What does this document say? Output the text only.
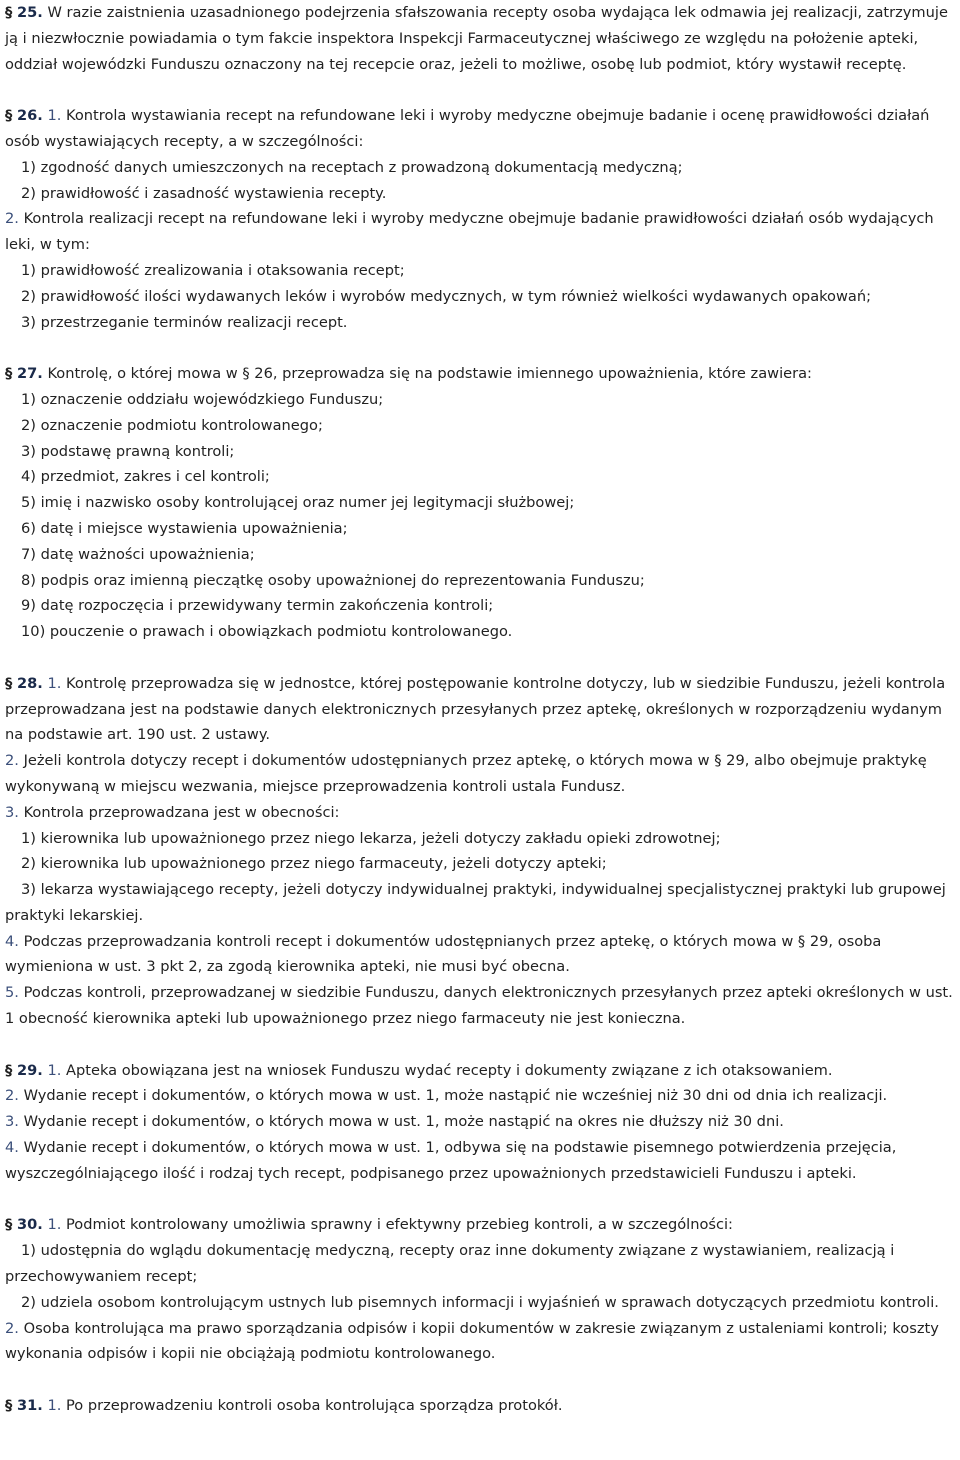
§ 25. W razie zaistnienia uzasadnionego podejrzenia sfałszowania recepty osoba wydająca lek odmawia jej realizacji, zatrzymuje ją i niezwłocznie powiadamia o tym fakcie inspektora Inspekcji Farmaceutycznej właściwego ze względu na położenie apteki, oddział wojewódzki Funduszu oznaczony na tej recepcie oraz, jeżeli to możliwe, osobę lub podmiot, który wystawił receptę.
§ 26. 1. Kontrola wystawiania recept na refundowane leki i wyroby medyczne obejmuje badanie i ocenę prawidłowości działań osób wystawiających recepty, a w szczególności:
1) zgodność danych umieszczonych na receptach z prowadzoną dokumentacją medyczną;
2) prawidłowość i zasadność wystawienia recepty.
2. Kontrola realizacji recept na refundowane leki i wyroby medyczne obejmuje badanie prawidłowości działań osób wydających leki, w tym:
1) prawidłowość zrealizowania i otaksowania recept;
2) prawidłowość ilości wydawanych leków i wyrobów medycznych, w tym również wielkości wydawanych opakowań;
3) przestrzeganie terminów realizacji recept.
§ 27. Kontrolę, o której mowa w § 26, przeprowadza się na podstawie imiennego upoważnienia, które zawiera:
1) oznaczenie oddziału wojewódzkiego Funduszu;
2) oznaczenie podmiotu kontrolowanego;
3) podstawę prawną kontroli;
4) przedmiot, zakres i cel kontroli;
5) imię i nazwisko osoby kontrolującej oraz numer jej legitymacji służbowej;
6) datę i miejsce wystawienia upoważnienia;
7) datę ważności upoważnienia;
8) podpis oraz imienną pieczątkę osoby upoważnionej do reprezentowania Funduszu;
9) datę rozpoczęcia i przewidywany termin zakończenia kontroli;
10) pouczenie o prawach i obowiązkach podmiotu kontrolowanego.
§ 28. 1. Kontrolę przeprowadza się w jednostce, której postępowanie kontrolne dotyczy, lub w siedzibie Funduszu, jeżeli kontrola przeprowadzana jest na podstawie danych elektronicznych przesyłanych przez aptekę, określonych w rozporządzeniu wydanym na podstawie art. 190 ust. 2 ustawy.
2. Jeżeli kontrola dotyczy recept i dokumentów udostępnianych przez aptekę, o których mowa w § 29, albo obejmuje praktykę wykonywaną w miejscu wezwania, miejsce przeprowadzenia kontroli ustala Fundusz.
3. Kontrola przeprowadzana jest w obecności:
1) kierownika lub upoważnionego przez niego lekarza, jeżeli dotyczy zakładu opieki zdrowotnej;
2) kierownika lub upoważnionego przez niego farmaceuty, jeżeli dotyczy apteki;
3) lekarza wystawiającego recepty, jeżeli dotyczy indywidualnej praktyki, indywidualnej specjalistycznej praktyki lub grupowej praktyki lekarskiej.
4. Podczas przeprowadzania kontroli recept i dokumentów udostępnianych przez aptekę, o których mowa w § 29, osoba wymieniona w ust. 3 pkt 2, za zgodą kierownika apteki, nie musi być obecna.
5. Podczas kontroli, przeprowadzanej w siedzibie Funduszu, danych elektronicznych przesyłanych przez apteki określonych w ust. 1 obecność kierownika apteki lub upoważnionego przez niego farmaceuty nie jest konieczna.
§ 29. 1. Apteka obowiązana jest na wniosek Funduszu wydać recepty i dokumenty związane z ich otaksowaniem.
2. Wydanie recept i dokumentów, o których mowa w ust. 1, może nastąpić nie wcześniej niż 30 dni od dnia ich realizacji.
3. Wydanie recept i dokumentów, o których mowa w ust. 1, może nastąpić na okres nie dłuższy niż 30 dni.
4. Wydanie recept i dokumentów, o których mowa w ust. 1, odbywa się na podstawie pisemnego potwierdzenia przejęcia, wyszczególniającego ilość i rodzaj tych recept, podpisanego przez upoważnionych przedstawicieli Funduszu i apteki.
§ 30. 1. Podmiot kontrolowany umożliwia sprawny i efektywny przebieg kontroli, a w szczególności:
1) udostępnia do wglądu dokumentację medyczną, recepty oraz inne dokumenty związane z wystawianiem, realizacją i przechowywaniem recept;
2) udziela osobom kontrolującym ustnych lub pisemnych informacji i wyjaśnień w sprawach dotyczących przedmiotu kontroli.
2. Osoba kontrolująca ma prawo sporządzania odpisów i kopii dokumentów w zakresie związanym z ustaleniami kontroli; koszty wykonania odpisów i kopii nie obciążają podmiotu kontrolowanego.
§ 31. 1. Po przeprowadzeniu kontroli osoba kontrolująca sporządza protokół.
